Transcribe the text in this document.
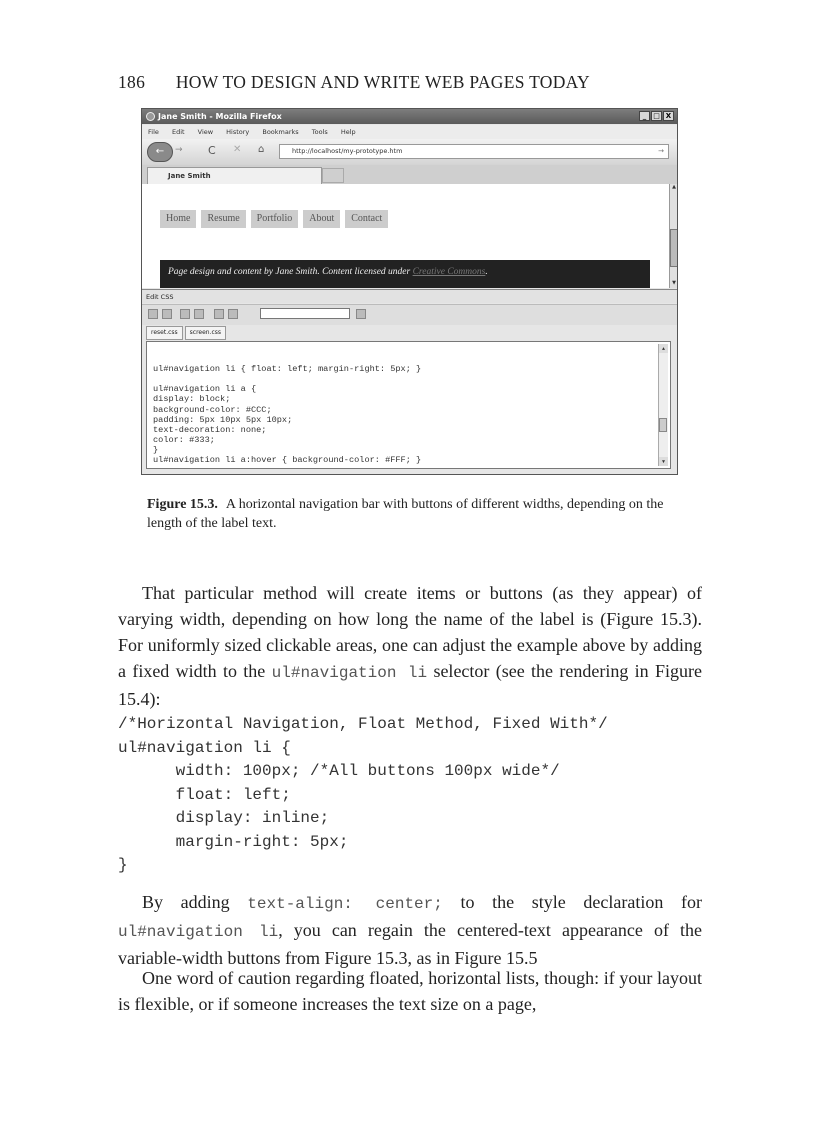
186 HOW TO DESIGN AND WRITE WEB PAGES TODAY
Jane Smith - Mozilla Firefox	_ □ X
File Edit View History Bookmarks Tools Help
←	→ C ✕ ⌂	http://localhost/my-prototype.htm	→
Jane Smith
Home	Resume	Portfolio	About	Contact
Page design and content by Jane Smith. Content licensed under Creative Commons.
▲
▼
Edit CSS
reset.css	screen.css

ul#navigation li { float: left; margin-right: 5px; }

ul#navigation li a {
display: block;
background-color: #CCC;
padding: 5px 10px 5px 10px;
text-decoration: none;
color: #333;
}
ul#navigation li a:hover { background-color: #FFF; }

▲

▼

Figure 15.3. A horizontal navigation bar with buttons of different widths, depending on the length of the label text.

That particular method will create items or buttons (as they appear) of varying width, depending on how long the name of the label is (Figure 15.3). For uniformly sized clickable areas, one can adjust the example above by adding a fixed width to the ul#navigation li selector (see the rendering in Figure 15.4):

/*Horizontal Navigation, Float Method, Fixed With*/
ul#navigation li {
width: 100px; /*All buttons 100px wide*/
float: left;
display: inline;
margin-right: 5px;
}

By adding text-align: center; to the style declaration for ul#navigation li, you can regain the centered-text appearance of the variable-width buttons from Figure 15.3, as in Figure 15.5

One word of caution regarding floated, horizontal lists, though: if your layout is flexible, or if someone increases the text size on a page,
